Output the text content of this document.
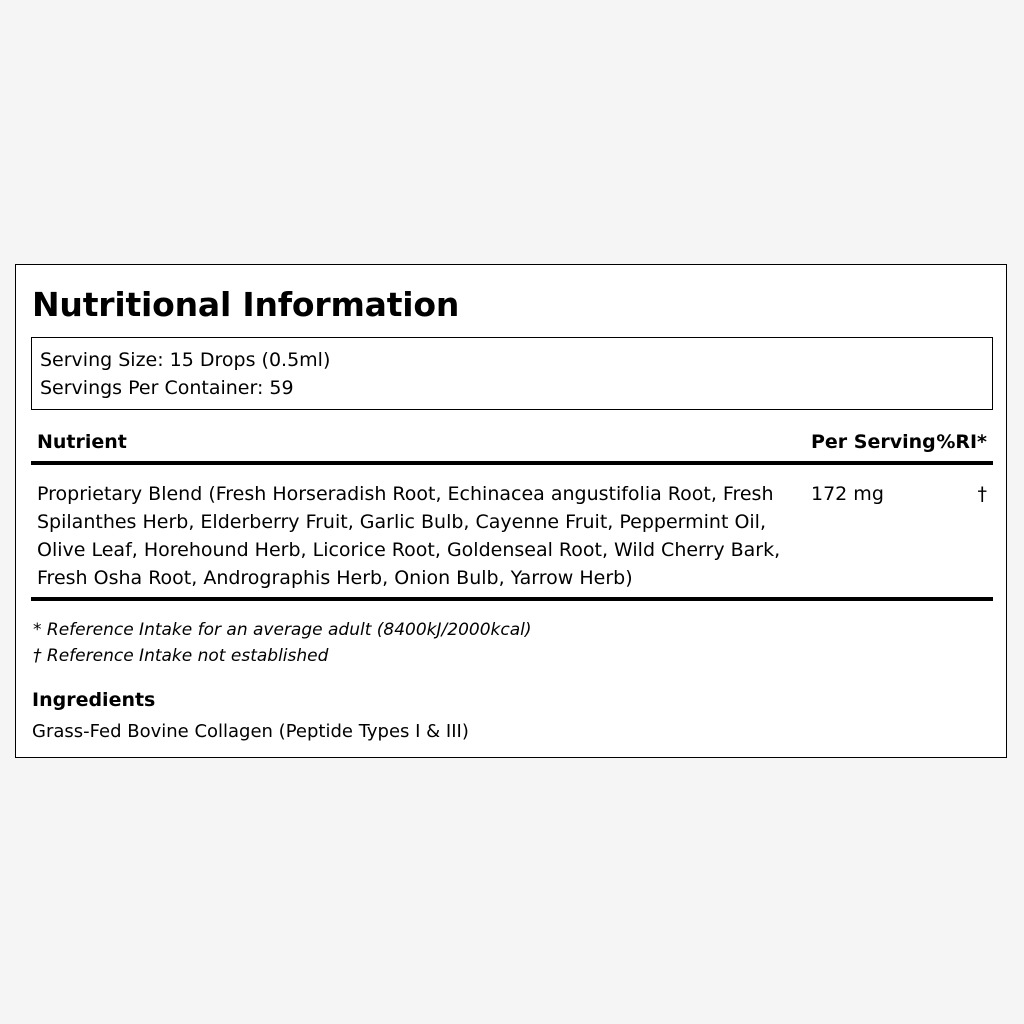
Nutritional Information
Serving Size: 15 Drops (0.5ml)
Servings Per Container: 59
Nutrient	Per Serving %RI*
Proprietary Blend (Fresh Horseradish Root, Echinacea angustifolia Root, Fresh Spilanthes Herb, Elderberry Fruit, Garlic Bulb, Cayenne Fruit, Peppermint Oil, Olive Leaf, Horehound Herb, Licorice Root, Goldenseal Root, Wild Cherry Bark, Fresh Osha Root, Andrographis Herb, Onion Bulb, Yarrow Herb)
172 mg	†
* Reference Intake for an average adult (8400kJ/2000kcal)
† Reference Intake not established
Ingredients
Grass-Fed Bovine Collagen (Peptide Types I & III)
